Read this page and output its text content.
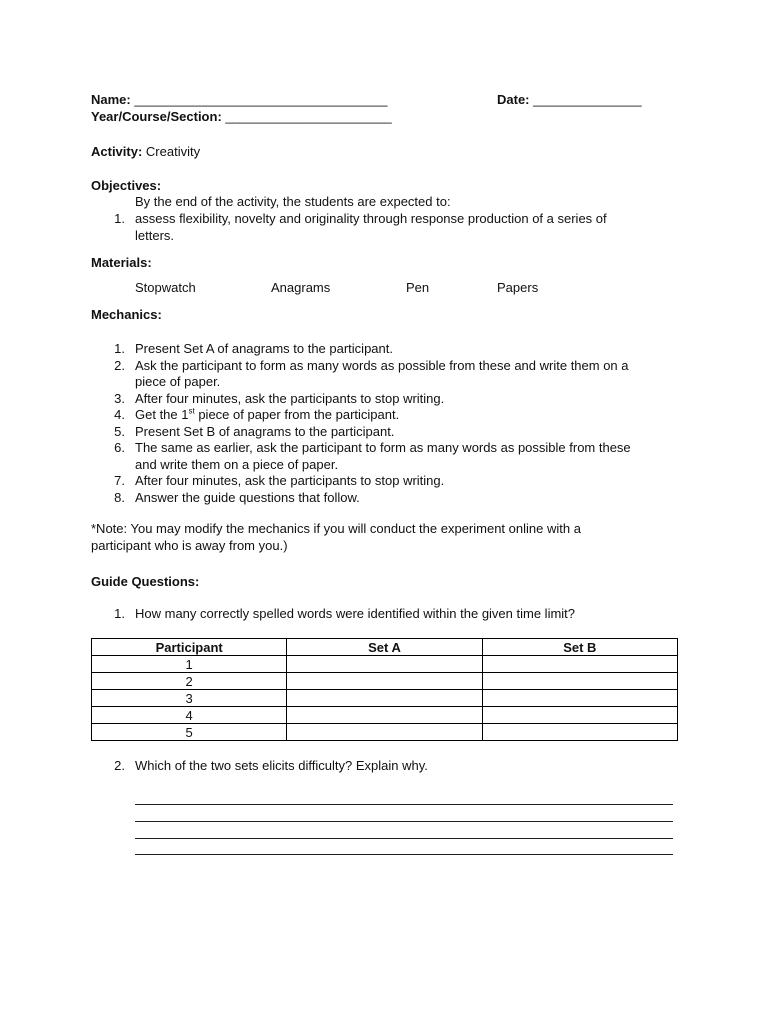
Name: ___________________________________	Date: _______________
Year/Course/Section: _______________________
Activity: Creativity
Objectives:
By the end of the activity, the students are expected to:
1. assess flexibility, novelty and originality through response production of a series of
letters.
Materials:
Stopwatch	Anagrams	Pen	Papers
Mechanics:
1. Present Set A of anagrams to the participant.
2. Ask the participant to form as many words as possible from these and write them on a
piece of paper.
3. After four minutes, ask the participants to stop writing.
4. Get the 1st piece of paper from the participant.
5. Present Set B of anagrams to the participant.
6. The same as earlier, ask the participant to form as many words as possible from these
and write them on a piece of paper.
7. After four minutes, ask the participants to stop writing.
8. Answer the guide questions that follow.
*Note: You may modify the mechanics if you will conduct the experiment online with a
participant who is away from you.)
Guide Questions:
1. How many correctly spelled words were identified within the given time limit?
Participant	Set A	Set B
1		
2		
3		
4		
5		
2. Which of the two sets elicits difficulty? Explain why.
